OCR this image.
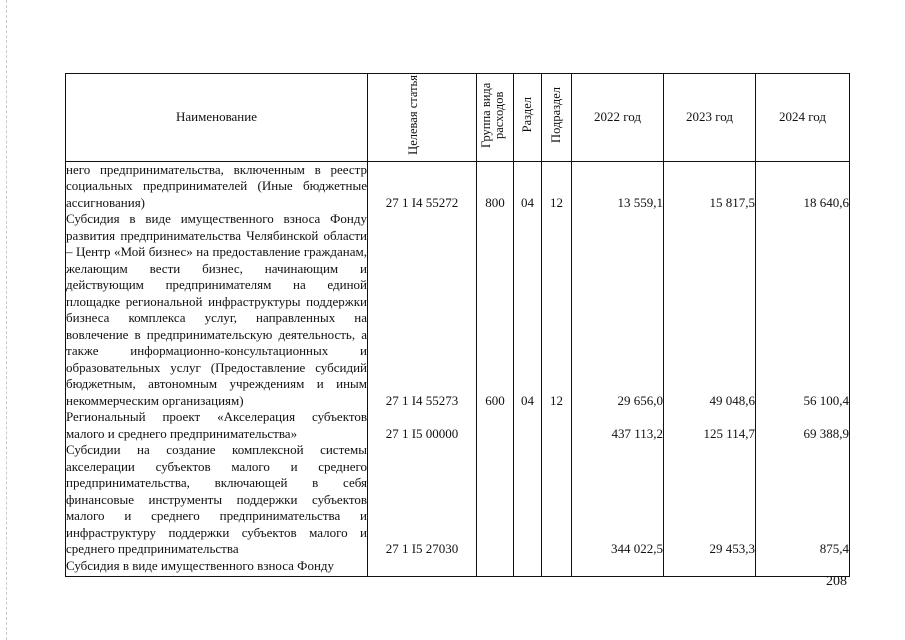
Наименование	Целевая статья	Группа вида расходов	Раздел	Подраздел	2022 год	2023 год	2024 год
него предпринимательства, включенным в реестр социальных предпринимателей (Иные бюджетные ассигнования)	27 1 I4 55272	800	04	12	13 559,1	15 817,5	18 640,6
Субсидия в виде имущественного взноса Фонду развития предпринимательства Челябинской области – Центр «Мой бизнес» на предоставление гражданам, желающим вести бизнес, начинающим и действующим предпринимателям на единой площадке региональной инфраструктуры поддержки бизнеса комплекса услуг, направленных на вовлечение в предпринимательскую деятельность, а также информационно-консультационных и образовательных услуг (Предоставление субсидий бюджетным, автономным учреждениям и иным некоммерческим организациям)	27 1 I4 55273	600	04	12	29 656,0	49 048,6	56 100,4
Региональный проект «Акселерация субъектов малого и среднего предпринимательства»	27 1 I5 00000				437 113,2	125 114,7	69 388,9
Субсидии на создание комплексной системы акселерации субъектов малого и среднего предпринимательства, включающей в себя финансовые инструменты поддержки субъектов малого и среднего предпринимательства и инфраструктуру поддержки субъектов малого и среднего предпринимательства	27 1 I5 27030				344 022,5	29 453,3	875,4
Субсидия в виде имущественного взноса Фонду							
208
